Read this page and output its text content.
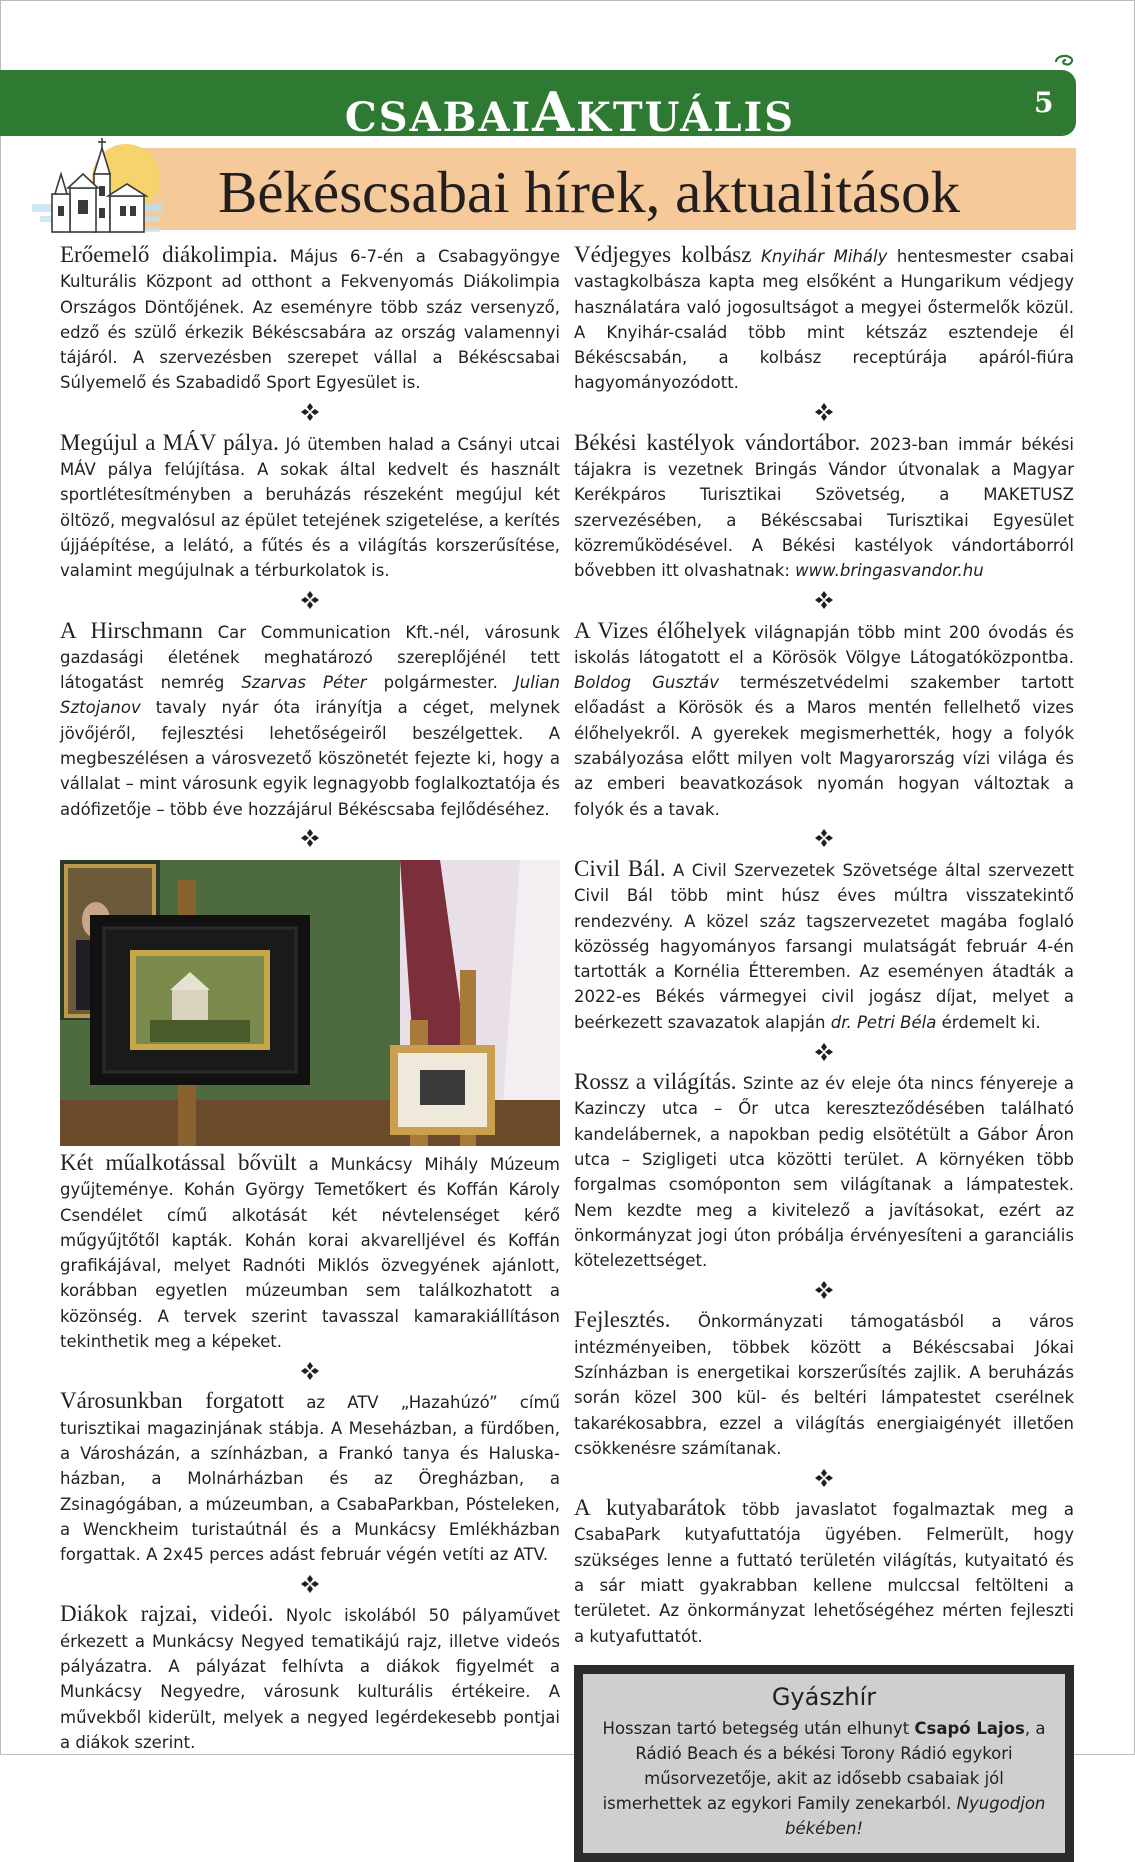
CSABAIAKTUÁLIS	5
Békéscsabai hírek, aktualitások

Erőemelő diákolimpia. Május 6-7-én a Csabagyöngye Kulturális Központ ad otthont a Fekvenyomás Diákolimpia Országos Döntőjének. Az eseményre több száz versenyző, edző és szülő érkezik Békéscsabára az ország valamennyi tájáról. A szervezésben szerepet vállal a Békéscsabai Súlyemelő és Szabadidő Sport Egyesület is.

Megújul a MÁV pálya. Jó ütemben halad a Csányi utcai MÁV pálya felújítása. A sokak által kedvelt és használt sportlétesítményben a beruházás részeként megújul két öltöző, megvalósul az épület tetejének szigetelése, a kerítés újjáépítése, a lelátó, a fűtés és a világítás korszerűsítése, valamint megújulnak a térburkolatok is.

A Hirschmann Car Communication Kft.-nél, városunk gazdasági életének meghatározó szereplőjénél tett látogatást nemrég Szarvas Péter polgármester. Julian Sztojanov tavaly nyár óta irányítja a céget, melynek jövőjéről, fejlesztési lehetőségeiről beszélgettek. A megbeszélésen a városvezető köszönetét fejezte ki, hogy a vállalat – mint városunk egyik legnagyobb foglalkoztatója és adófizetője – több éve hozzájárul Békéscsaba fejlődéséhez.

Két műalkotással bővült a Munkácsy Mihály Múzeum gyűjteménye. Kohán György Temetőkert és Koffán Károly Csendélet című alkotását két névtelenséget kérő műgyűjtőtől kapták. Kohán korai akvarelljével és Koffán grafikájával, melyet Radnóti Miklós özvegyének ajánlott, korábban egyetlen múzeumban sem találkozhatott a közönség. A tervek szerint tavasszal kamarakiállításon tekinthetik meg a képeket.

Városunkban forgatott az ATV „Hazahúzó” című turisztikai magazinjának stábja. A Meseházban, a fürdőben, a Városházán, a színházban, a Frankó tanya és Haluska-házban, a Molnárházban és az Öregházban, a Zsinagógában, a múzeumban, a CsabaParkban, Pósteleken, a Wenckheim turistaútnál és a Munkácsy Emlékházban forgattak. A 2x45 perces adást február végén vetíti az ATV.

Diákok rajzai, videói. Nyolc iskolából 50 pályaművet érkezett a Munkácsy Negyed tematikájú rajz, illetve videós pályázatra. A pályázat felhívta a diákok figyelmét a Munkácsy Negyedre, városunk kulturális értékeire. A művekből kiderült, melyek a negyed legérdekesebb pontjai a diákok szerint.

Védjegyes kolbász Knyihár Mihály hentesmester csabai vastagkolbásza kapta meg elsőként a Hungarikum védjegy használatára való jogosultságot a megyei őstermelők közül. A Knyihár-család több mint kétszáz esztendeje él Békéscsabán, a kolbász receptúrája apáról-fiúra hagyományozódott.

Békési kastélyok vándortábor. 2023-ban immár békési tájakra is vezetnek Bringás Vándor útvonalak a Magyar Kerékpáros Turisztikai Szövetség, a MAKETUSZ szervezésében, a Békéscsabai Turisztikai Egyesület közreműködésével. A Békési kastélyok vándortáborról bővebben itt olvashatnak: www.bringasvandor.hu

A Vizes élőhelyek világnapján több mint 200 óvodás és iskolás látogatott el a Körösök Völgye Látogatóközpontba. Boldog Gusztáv természetvédelmi szakember tartott előadást a Körösök és a Maros mentén fellelhető vizes élőhelyekről. A gyerekek megismerhették, hogy a folyók szabályozása előtt milyen volt Magyarország vízi világa és az emberi beavatkozások nyomán hogyan változtak a folyók és a tavak.

Civil Bál. A Civil Szervezetek Szövetsége által szervezett Civil Bál több mint húsz éves múltra visszatekintő rendezvény. A közel száz tagszervezetet magába foglaló közösség hagyományos farsangi mulatságát február 4-én tartották a Kornélia Étteremben. Az eseményen átadták a 2022-es Békés vármegyei civil jogász díjat, melyet a beérkezett szavazatok alapján dr. Petri Béla érdemelt ki.

Rossz a világítás. Szinte az év eleje óta nincs fényereje a Kazinczy utca – Őr utca kereszteződésében található kandelábernek, a napokban pedig elsötétült a Gábor Áron utca – Szigligeti utca közötti terület. A környéken több forgalmas csomóponton sem világítanak a lámpatestek. Nem kezdte meg a kivitelező a javításokat, ezért az önkormányzat jogi úton próbálja érvényesíteni a garanciális kötelezettséget.

Fejlesztés. Önkormányzati támogatásból a város intézményeiben, többek között a Békéscsabai Jókai Színházban is energetikai korszerűsítés zajlik. A beruházás során közel 300 kül- és beltéri lámpatestet cserélnek takarékosabbra, ezzel a világítás energiaigényét illetően csökkenésre számítanak.

A kutyabarátok több javaslatot fogalmaztak meg a CsabaPark kutyafuttatója ügyében. Felmerült, hogy szükséges lenne a futtató területén világítás, kutyaitató és a sár miatt gyakrabban kellene mulccsal feltölteni a területet. Az önkormányzat lehetőségéhez mérten fejleszti a kutyafuttatót.

Gyászhír
Hosszan tartó betegség után elhunyt Csapó Lajos, a Rádió Beach és a békési Torony Rádió egykori műsorvezetője, akit az idősebb csabaiak jól ismerhettek az egykori Family zenekarból. Nyugodjon békében!
